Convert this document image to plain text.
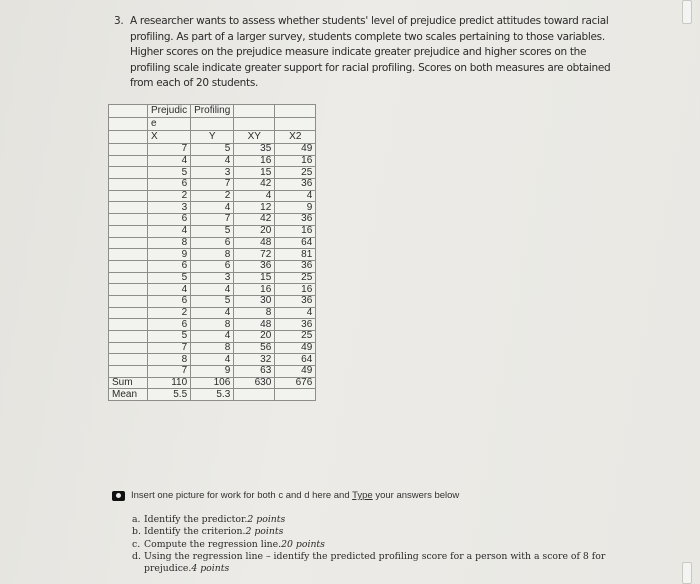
3. A researcher wants to assess whether students' level of prejudice predict attitudes toward racial
profiling. As part of a larger survey, students complete two scales pertaining to those variables.
Higher scores on the prejudice measure indicate greater prejudice and higher scores on the
profiling scale indicate greater support for racial profiling. Scores on both measures are obtained
from each of 20 students.
	Prejudic	Profiling		
	e			
	X	Y	XY	X2
	7	5	35	49
	4	4	16	16
	5	3	15	25
	6	7	42	36
	2	2	4	4
	3	4	12	9
	6	7	42	36
	4	5	20	16
	8	6	48	64
	9	8	72	81
	6	6	36	36
	5	3	15	25
	4	4	16	16
	6	5	30	36
	2	4	8	4
	6	8	48	36
	5	4	20	25
	7	8	56	49
	8	4	32	64
	7	9	63	49
Sum	110	106	630	676
Mean	5.5	5.3		
Insert one picture for work for both c and d here and Type your answers below
a. Identify the predictor. 2 points
b. Identify the criterion. 2 points
c. Compute the regression line. 20 points
d. Using the regression line – identify the predicted profiling score for a person with a score of 8 for
prejudice. 4 points
